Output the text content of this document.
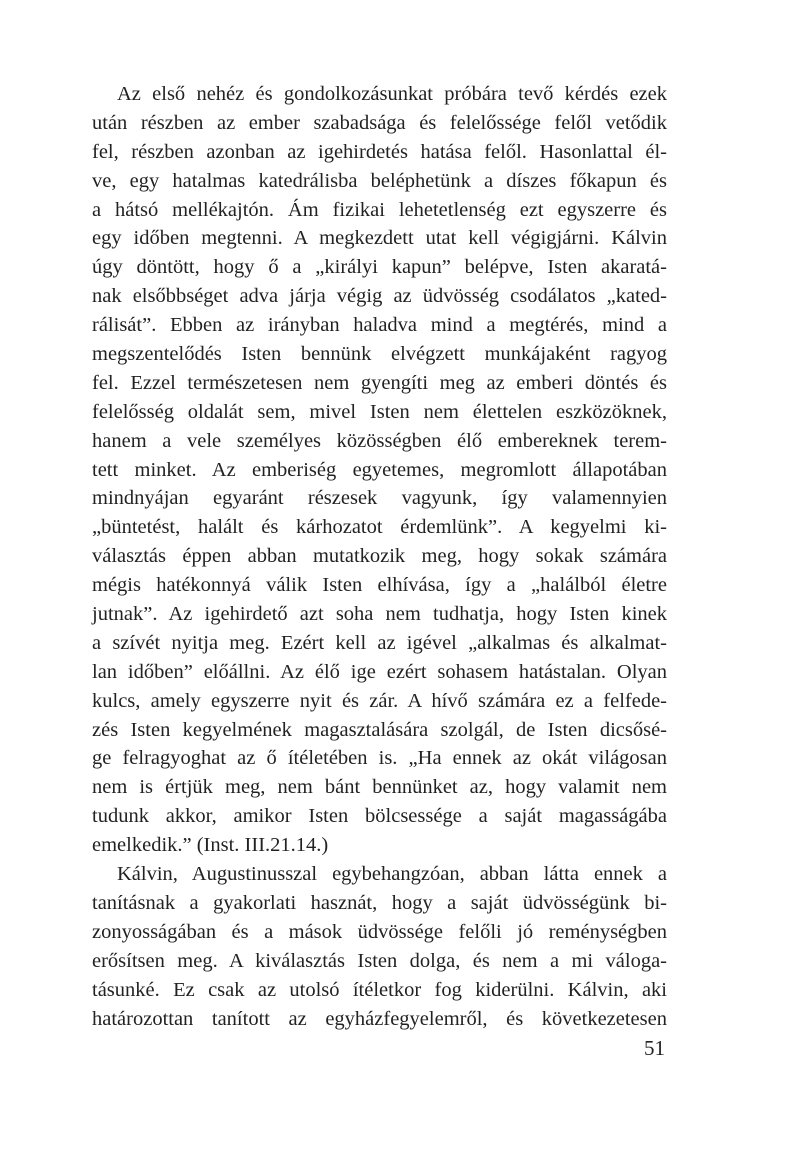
Az első nehéz és gondolkozásunkat próbára tevő kérdés ezek
után részben az ember szabadsága és felelőssége felől vetődik
fel, részben azonban az igehirdetés hatása felől. Hasonlattal él-
ve, egy hatalmas katedrálisba beléphetünk a díszes főkapun és
a hátsó mellékajtón. Ám fizikai lehetetlenség ezt egyszerre és
egy időben megtenni. A megkezdett utat kell végigjárni. Kálvin
úgy döntött, hogy ő a „királyi kapun” belépve, Isten akaratá-
nak elsőbbséget adva járja végig az üdvösség csodálatos „kated-
rálisát”. Ebben az irányban haladva mind a megtérés, mind a
megszentelődés Isten bennünk elvégzett munkájaként ragyog
fel. Ezzel természetesen nem gyengíti meg az emberi döntés és
felelősség oldalát sem, mivel Isten nem élettelen eszközöknek,
hanem a vele személyes közösségben élő embereknek terem-
tett minket. Az emberiség egyetemes, megromlott állapotában
mindnyájan egyaránt részesek vagyunk, így valamennyien
„büntetést, halált és kárhozatot érdemlünk”. A kegyelmi ki-
választás éppen abban mutatkozik meg, hogy sokak számára
mégis hatékonnyá válik Isten elhívása, így a „halálból életre
jutnak”. Az igehirdető azt soha nem tudhatja, hogy Isten kinek
a szívét nyitja meg. Ezért kell az igével „alkalmas és alkalmat-
lan időben” előállni. Az élő ige ezért sohasem hatástalan. Olyan
kulcs, amely egyszerre nyit és zár. A hívő számára ez a felfede-
zés Isten kegyelmének magasztalására szolgál, de Isten dicsősé-
ge felragyoghat az ő ítéletében is. „Ha ennek az okát világosan
nem is értjük meg, nem bánt bennünket az, hogy valamit nem
tudunk akkor, amikor Isten bölcsessége a saját magasságába
emelkedik.” (Inst. III.21.14.)
Kálvin, Augustinusszal egybehangzóan, abban látta ennek a
tanításnak a gyakorlati hasznát, hogy a saját üdvösségünk bi-
zonyosságában és a mások üdvössége felőli jó reménységben
erősítsen meg. A kiválasztás Isten dolga, és nem a mi váloga-
tásunké. Ez csak az utolsó ítéletkor fog kiderülni. Kálvin, aki
határozottan tanított az egyházfegyelemről, és következetesen
51
